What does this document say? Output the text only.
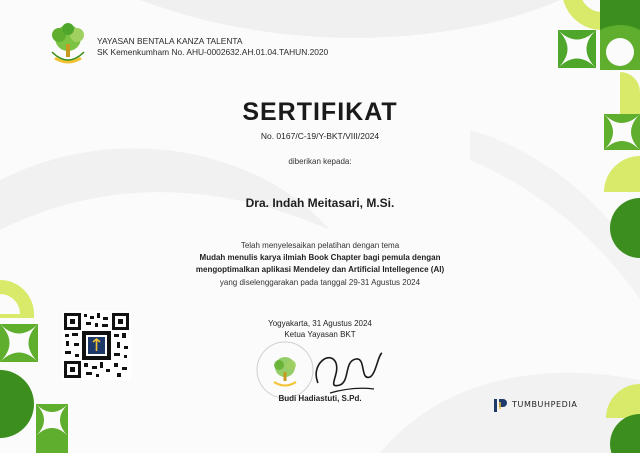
YAYASAN BENTALA KANZA TALENTA
SK Kemenkumham No. AHU-0002632.AH.01.04.TAHUN.2020
SERTIFIKAT
No. 0167/C-19/Y-BKT/VIII/2024
diberikan kepada:
Dra. Indah Meitasari, M.Si.
Telah menyelesaikan pelatihan dengan tema
Mudah menulis karya ilmiah Book Chapter bagi pemula dengan
mengoptimalkan aplikasi Mendeley dan Artificial Intellegence (AI)
yang diselenggarakan pada tanggal 29-31 Agustus 2024
Yogyakarta, 31 Agustus 2024
Ketua Yayasan BKT
Budi Hadiastuti, S.Pd.
TUMBUHPEDIA
